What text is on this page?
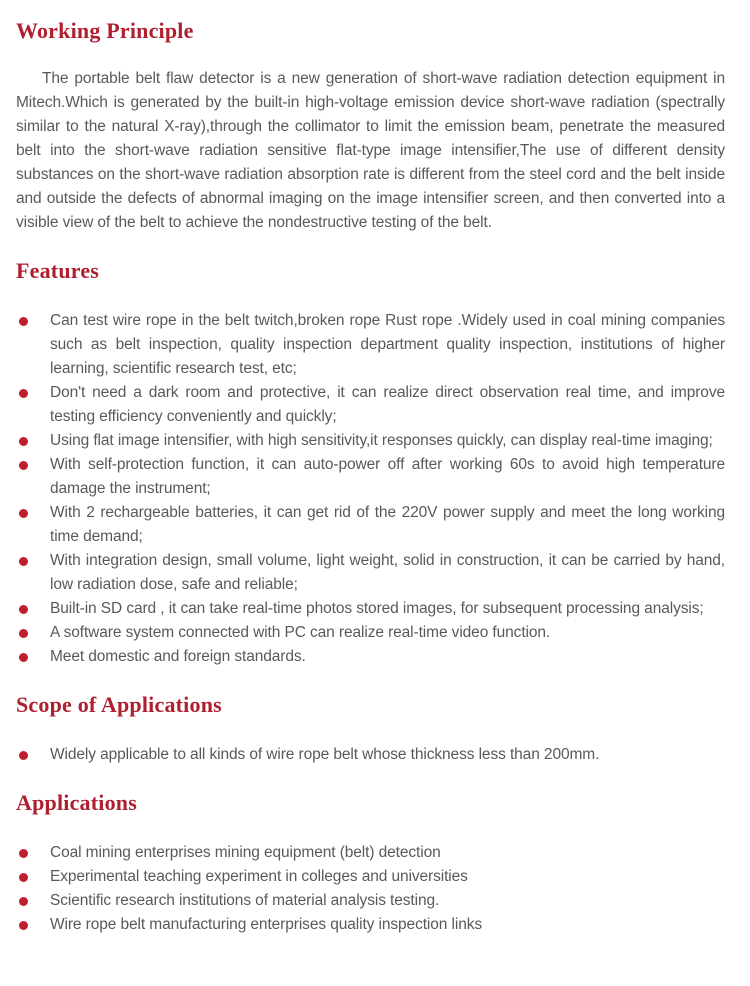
Working Principle

The portable belt flaw detector is a new generation of short-wave radiation detection equipment in Mitech.Which is generated by the built-in high-voltage emission device short-wave radiation (spectrally similar to the natural X-ray),through the collimator to limit the emission beam, penetrate the measured belt into the short-wave radiation sensitive flat-type image intensifier,The use of different density substances on the short-wave radiation absorption rate is different from the steel cord and the belt inside and outside the defects of abnormal imaging on the image intensifier screen, and then converted into a visible view of the belt to achieve the nondestructive testing of the belt.

Features
Can test wire rope in the belt twitch,broken rope Rust rope .Widely used in coal mining companies such as belt inspection, quality inspection department quality inspection, institutions of higher learning, scientific research test, etc;
Don't need a dark room and protective, it can realize direct observation real time, and improve testing efficiency conveniently and quickly;
Using flat image intensifier, with high sensitivity,it responses quickly, can display real-time imaging;
With self-protection function, it can auto-power off after working 60s to avoid high temperature damage the instrument;
With 2 rechargeable batteries, it can get rid of the 220V power supply and meet the long working time demand;
With integration design, small volume, light weight, solid in construction, it can be carried by hand, low radiation dose, safe and reliable;
Built-in SD card , it can take real-time photos stored images, for subsequent processing analysis;
A software system connected with PC can realize real-time video function.
Meet domestic and foreign standards.
Scope of Applications
Widely applicable to all kinds of wire rope belt whose thickness less than 200mm.
Applications
Coal mining enterprises mining equipment (belt) detection
Experimental teaching experiment in colleges and universities
Scientific research institutions of material analysis testing.
Wire rope belt manufacturing enterprises quality inspection links
